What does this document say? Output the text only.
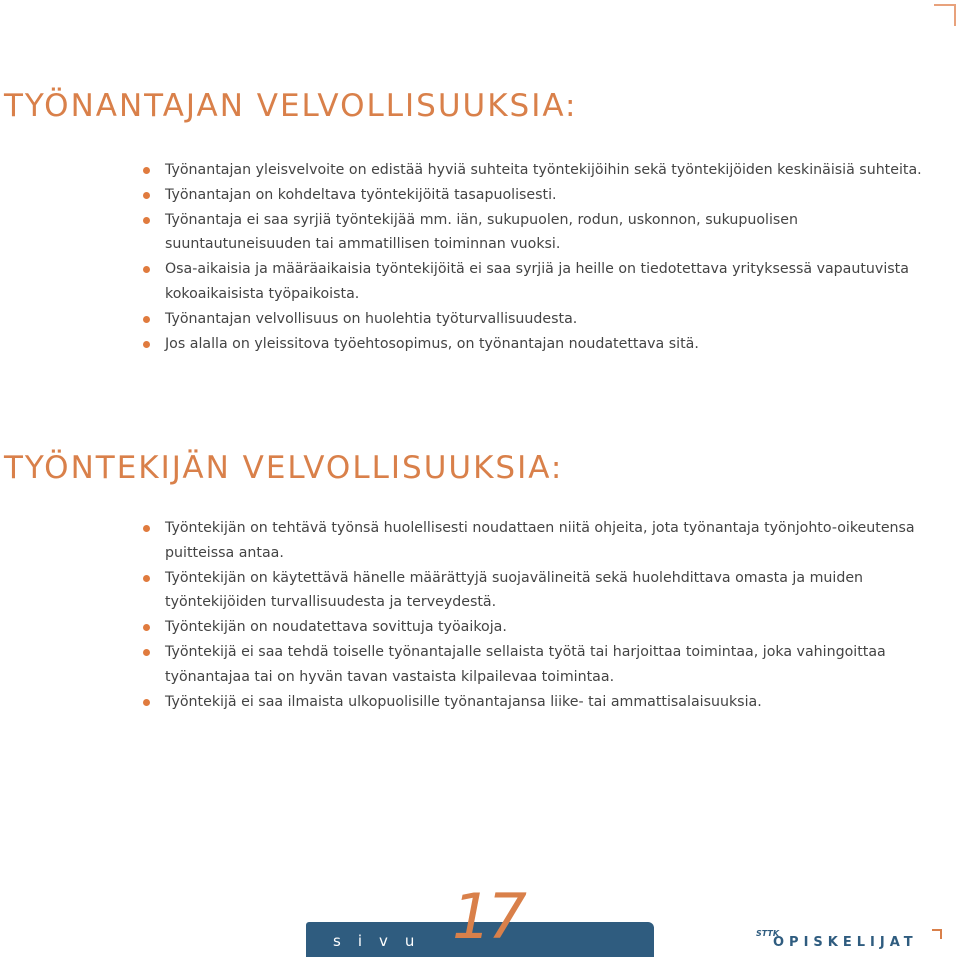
TYÖNANTAJAN VELVOLLISUUKSIA:
Työnantajan yleisvelvoite on edistää hyviä suhteita työntekijöihin sekä työntekijöiden keskinäisiä suhteita.
Työnantajan on kohdeltava työntekijöitä tasapuolisesti.
Työnantaja ei saa syrjiä työntekijää mm. iän, sukupuolen, rodun, uskonnon, sukupuolisen suuntautuneisuuden tai ammatillisen toiminnan vuoksi.
Osa-aikaisia ja määräaikaisia työntekijöitä ei saa syrjiä ja heille on tiedotettava yrityksessä vapautuvista kokoaikaisista työpaikoista.
Työnantajan velvollisuus on huolehtia työturvallisuudesta.
Jos alalla on yleissitova työehtosopimus, on työnantajan noudatettava sitä.
TYÖNTEKIJÄN VELVOLLISUUKSIA:
Työntekijän on tehtävä työnsä huolellisesti noudattaen niitä ohjeita, jota työnantaja työnjohto-oikeutensa puitteissa antaa.
Työntekijän on käytettävä hänelle määrättyjä suojavälineitä sekä huolehdittava omasta ja muiden työntekijöiden turvallisuudesta ja terveydestä.
Työntekijän on noudatettava sovittuja työaikoja.
Työntekijä ei saa tehdä toiselle työnantajalle sellaista työtä tai harjoittaa toimintaa, joka vahingoittaa työnantajaa tai on hyvän tavan vastaista kilpailevaa toimintaa.
Työntekijä ei saa ilmaista ulkopuolisille työnantajansa liike- tai ammattisalaisuuksia.
sivu 17	STTK
OPISKELIJAT
